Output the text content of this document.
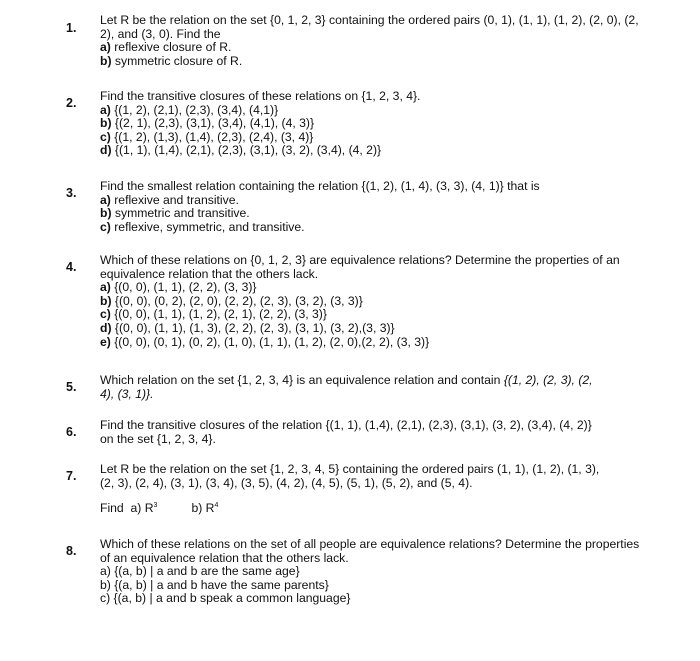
1.
Let R be the relation on the set {0, 1, 2, 3} containing the ordered pairs (0, 1), (1, 1), (1, 2), (2, 0), (2, 2), and (3, 0). Find the
a) reflexive closure of R.
b) symmetric closure of R.
2. Find the transitive closures of these relations on {1, 2, 3, 4}.
a) {(1, 2), (2,1), (2,3), (3,4), (4,1)}
b) {(2, 1), (2,3), (3,1), (3,4), (4,1), (4, 3)}
c) {(1, 2), (1,3), (1,4), (2,3), (2,4), (3, 4)}
d) {(1, 1), (1,4), (2,1), (2,3), (3,1), (3, 2), (3,4), (4, 2)}
3. Find the smallest relation containing the relation {(1, 2), (1, 4), (3, 3), (4, 1)} that is
a) reflexive and transitive.
b) symmetric and transitive.
c) reflexive, symmetric, and transitive.
4. Which of these relations on {0, 1, 2, 3} are equivalence relations? Determine the properties of an equivalence relation that the others lack.
a) {(0, 0), (1, 1), (2, 2), (3, 3)}
b) {(0, 0), (0, 2), (2, 0), (2, 2), (2, 3), (3, 2), (3, 3)}
c) {(0, 0), (1, 1), (1, 2), (2, 1), (2, 2), (3, 3)}
d) {(0, 0), (1, 1), (1, 3), (2, 2), (2, 3), (3, 1), (3, 2),(3, 3)}
e) {(0, 0), (0, 1), (0, 2), (1, 0), (1, 1), (1, 2), (2, 0),(2, 2), (3, 3)}
5. Which relation on the set {1, 2, 3, 4} is an equivalence relation and contain {(1, 2), (2, 3), (2,
4), (3, 1)}.
6. Find the transitive closures of the relation {(1, 1), (1,4), (2,1), (2,3), (3,1), (3, 2), (3,4), (4, 2)}
on the set {1, 2, 3, 4}.
7. Let R be the relation on the set {1, 2, 3, 4, 5} containing the ordered pairs (1, 1), (1, 2), (1, 3),
(2, 3), (2, 4), (3, 1), (3, 4), (3, 5), (4, 2), (4, 5), (5, 1), (5, 2), and (5, 4).
Find a) $R^3$	b) $R^4$
8. Which of these relations on the set of all people are equivalence relations? Determine the properties of an equivalence relation that the others lack.
a) {(a, b) | a and b are the same age}
b) {(a, b) | a and b have the same parents}
c) {(a, b) | a and b speak a common language}
